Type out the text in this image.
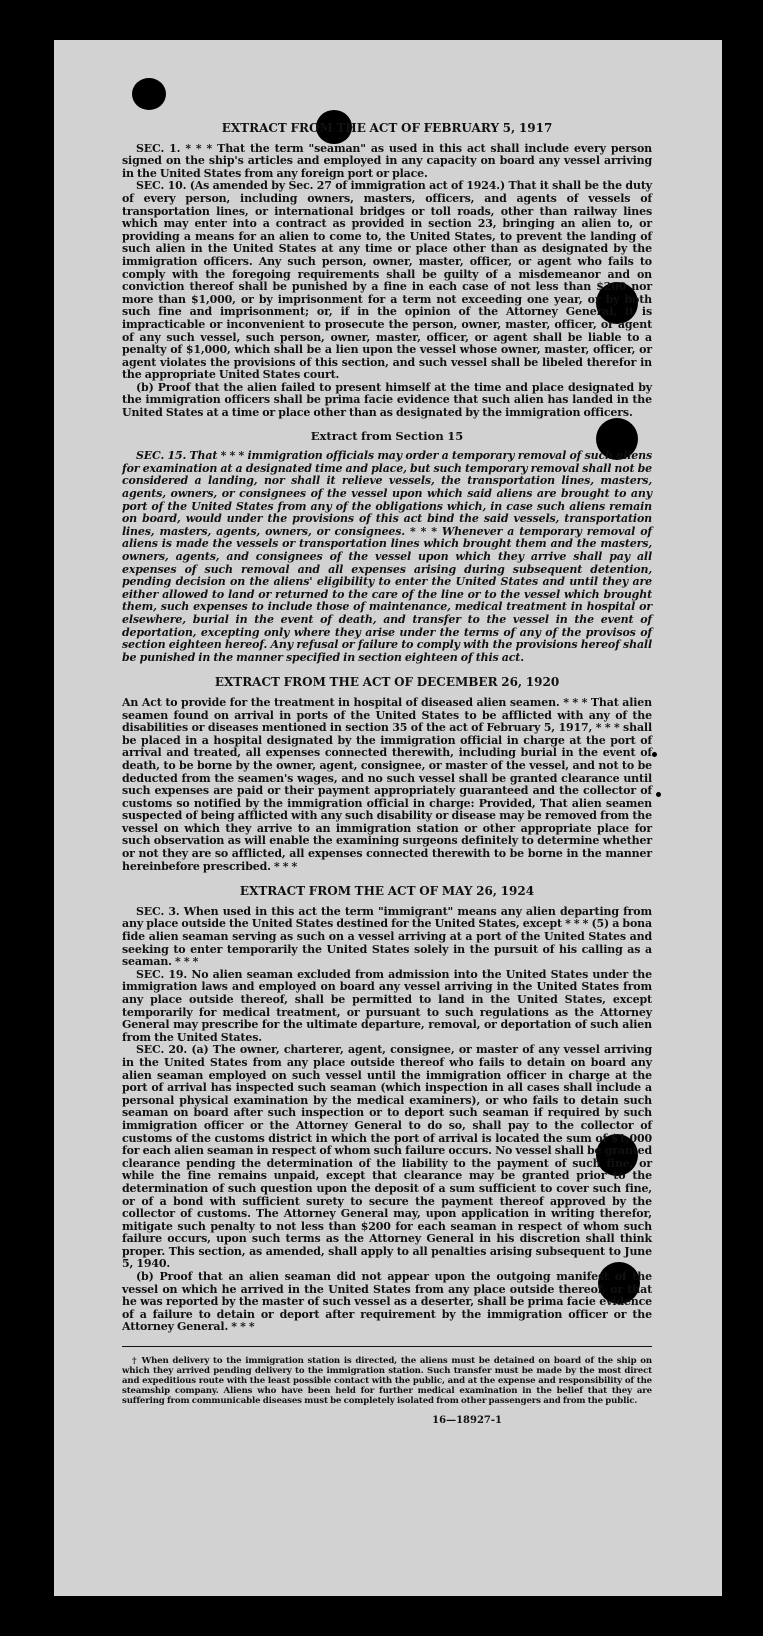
EXTRACT FROM THE ACT OF FEBRUARY 5, 1917

SEC. 1. * * * That the term "seaman" as used in this act shall include every person signed on the ship's articles and employed in any capacity on board any vessel arriving in the United States from any foreign port or place.

SEC. 10. (As amended by Sec. 27 of immigration act of 1924.) That it shall be the duty of every person, including owners, masters, officers, and agents of vessels of transportation lines, or international bridges or toll roads, other than railway lines which may enter into a contract as provided in section 23, bringing an alien to, or providing a means for an alien to come to, the United States, to prevent the landing of such alien in the United States at any time or place other than as designated by the immigration officers. Any such person, owner, master, officer, or agent who fails to comply with the foregoing requirements shall be guilty of a misdemeanor and on conviction thereof shall be punished by a fine in each case of not less than $200 nor more than $1,000, or by imprisonment for a term not exceeding one year, or by both such fine and imprisonment; or, if in the opinion of the Attorney General, it is impracticable or inconvenient to prosecute the person, owner, master, officer, or agent of any such vessel, such person, owner, master, officer, or agent shall be liable to a penalty of $1,000, which shall be a lien upon the vessel whose owner, master, officer, or agent violates the provisions of this section, and such vessel shall be libeled therefor in the appropriate United States court.

(b) Proof that the alien failed to present himself at the time and place designated by the immigration officers shall be prima facie evidence that such alien has landed in the United States at a time or place other than as designated by the immigration officers.

Extract from Section 15

SEC. 15. That * * * immigration officials may order a temporary removal of such aliens for examination at a designated time and place, but such temporary removal shall not be considered a landing, nor shall it relieve vessels, the transportation lines, masters, agents, owners, or consignees of the vessel upon which said aliens are brought to any port of the United States from any of the obligations which, in case such aliens remain on board, would under the provisions of this act bind the said vessels, transportation lines, masters, agents, owners, or consignees. * * * Whenever a temporary removal of aliens is made the vessels or transportation lines which brought them and the masters, owners, agents, and consignees of the vessel upon which they arrive shall pay all expenses of such removal and all expenses arising during subsequent detention, pending decision on the aliens' eligibility to enter the United States and until they are either allowed to land or returned to the care of the line or to the vessel which brought them, such expenses to include those of maintenance, medical treatment in hospital or elsewhere, burial in the event of death, and transfer to the vessel in the event of deportation, excepting only where they arise under the terms of any of the provisos of section eighteen hereof. Any refusal or failure to comply with the provisions hereof shall be punished in the manner specified in section eighteen of this act.

EXTRACT FROM THE ACT OF DECEMBER 26, 1920

An Act to provide for the treatment in hospital of diseased alien seamen. * * * That alien seamen found on arrival in ports of the United States to be afflicted with any of the disabilities or diseases mentioned in section 35 of the act of February 5, 1917, * * * shall be placed in a hospital designated by the immigration official in charge at the port of arrival and treated, all expenses connected therewith, including burial in the event of death, to be borne by the owner, agent, consignee, or master of the vessel, and not to be deducted from the seamen's wages, and no such vessel shall be granted clearance until such expenses are paid or their payment appropriately guaranteed and the collector of customs so notified by the immigration official in charge: Provided, That alien seamen suspected of being afflicted with any such disability or disease may be removed from the vessel on which they arrive to an immigration station or other appropriate place for such observation as will enable the examining surgeons definitely to determine whether or not they are so afflicted, all expenses connected therewith to be borne in the manner hereinbefore prescribed. * * *

EXTRACT FROM THE ACT OF MAY 26, 1924

SEC. 3. When used in this act the term "immigrant" means any alien departing from any place outside the United States destined for the United States, except * * * (5) a bona fide alien seaman serving as such on a vessel arriving at a port of the United States and seeking to enter temporarily the United States solely in the pursuit of his calling as a seaman. * * *

SEC. 19. No alien seaman excluded from admission into the United States under the immigration laws and employed on board any vessel arriving in the United States from any place outside thereof, shall be permitted to land in the United States, except temporarily for medical treatment, or pursuant to such regulations as the Attorney General may prescribe for the ultimate departure, removal, or deportation of such alien from the United States.

SEC. 20. (a) The owner, charterer, agent, consignee, or master of any vessel arriving in the United States from any place outside thereof who fails to detain on board any alien seaman employed on such vessel until the immigration officer in charge at the port of arrival has inspected such seaman (which inspection in all cases shall include a personal physical examination by the medical examiners), or who fails to detain such seaman on board after such inspection or to deport such seaman if required by such immigration officer or the Attorney General to do so, shall pay to the collector of customs of the customs district in which the port of arrival is located the sum of $1,000 for each alien seaman in respect of whom such failure occurs. No vessel shall be granted clearance pending the determination of the liability to the payment of such fine, or while the fine remains unpaid, except that clearance may be granted prior to the determination of such question upon the deposit of a sum sufficient to cover such fine, or of a bond with sufficient surety to secure the payment thereof approved by the collector of customs. The Attorney General may, upon application in writing therefor, mitigate such penalty to not less than $200 for each seaman in respect of whom such failure occurs, upon such terms as the Attorney General in his discretion shall think proper. This section, as amended, shall apply to all penalties arising subsequent to June 5, 1940.

(b) Proof that an alien seaman did not appear upon the outgoing manifest of the vessel on which he arrived in the United States from any place outside thereof, or that he was reported by the master of such vessel as a deserter, shall be prima facie evidence of a failure to detain or deport after requirement by the immigration officer or the Attorney General. * * *

† When delivery to the immigration station is directed, the aliens must be detained on board of the ship on which they arrived pending delivery to the immigration station. Such transfer must be made by the most direct and expeditious route with the least possible contact with the public, and at the expense and responsibility of the steamship company. Aliens who have been held for further medical examination in the belief that they are suffering from communicable diseases must be completely isolated from other passengers and from the public.

16—18927-1
